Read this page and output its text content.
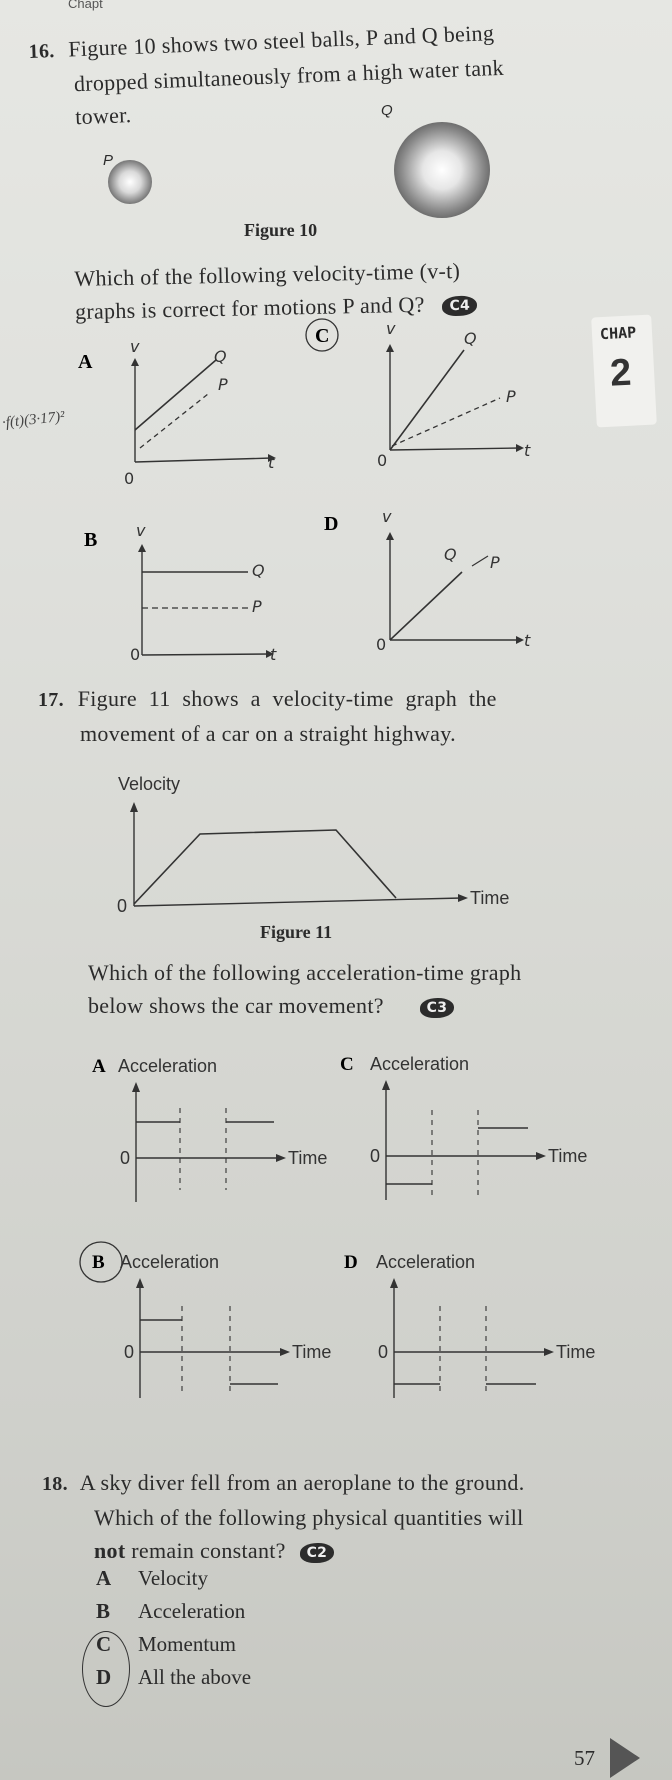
Chapt
16. Figure 10 shows two steel balls, P and Q being
dropped simultaneously from a high water tank
tower.
P
Q
Figure 10
Which of the following velocity-time (v-t)
graphs is correct for motions P and Q? C4
CHAP
2
·f(t)(3·17)²
A
v
t
0
Q
P
C	v
t
0
Q
P
B v
t
0
Q
P
D	v
t
0
Q P
17. Figure 11 shows a velocity-time graph the
movement of a car on a straight highway.
Velocity
Time
0
Figure 11
Which of the following acceleration-time graph
below shows the car movement?	C3
A Acceleration
Time
0
C Acceleration
Time
0
B Acceleration
Time
0
D Acceleration
Time
0
18. A sky diver fell from an aeroplane to the ground.
Which of the following physical quantities will
not remain constant? C2
A Velocity
B Acceleration
C Momentum
D All the above
57
